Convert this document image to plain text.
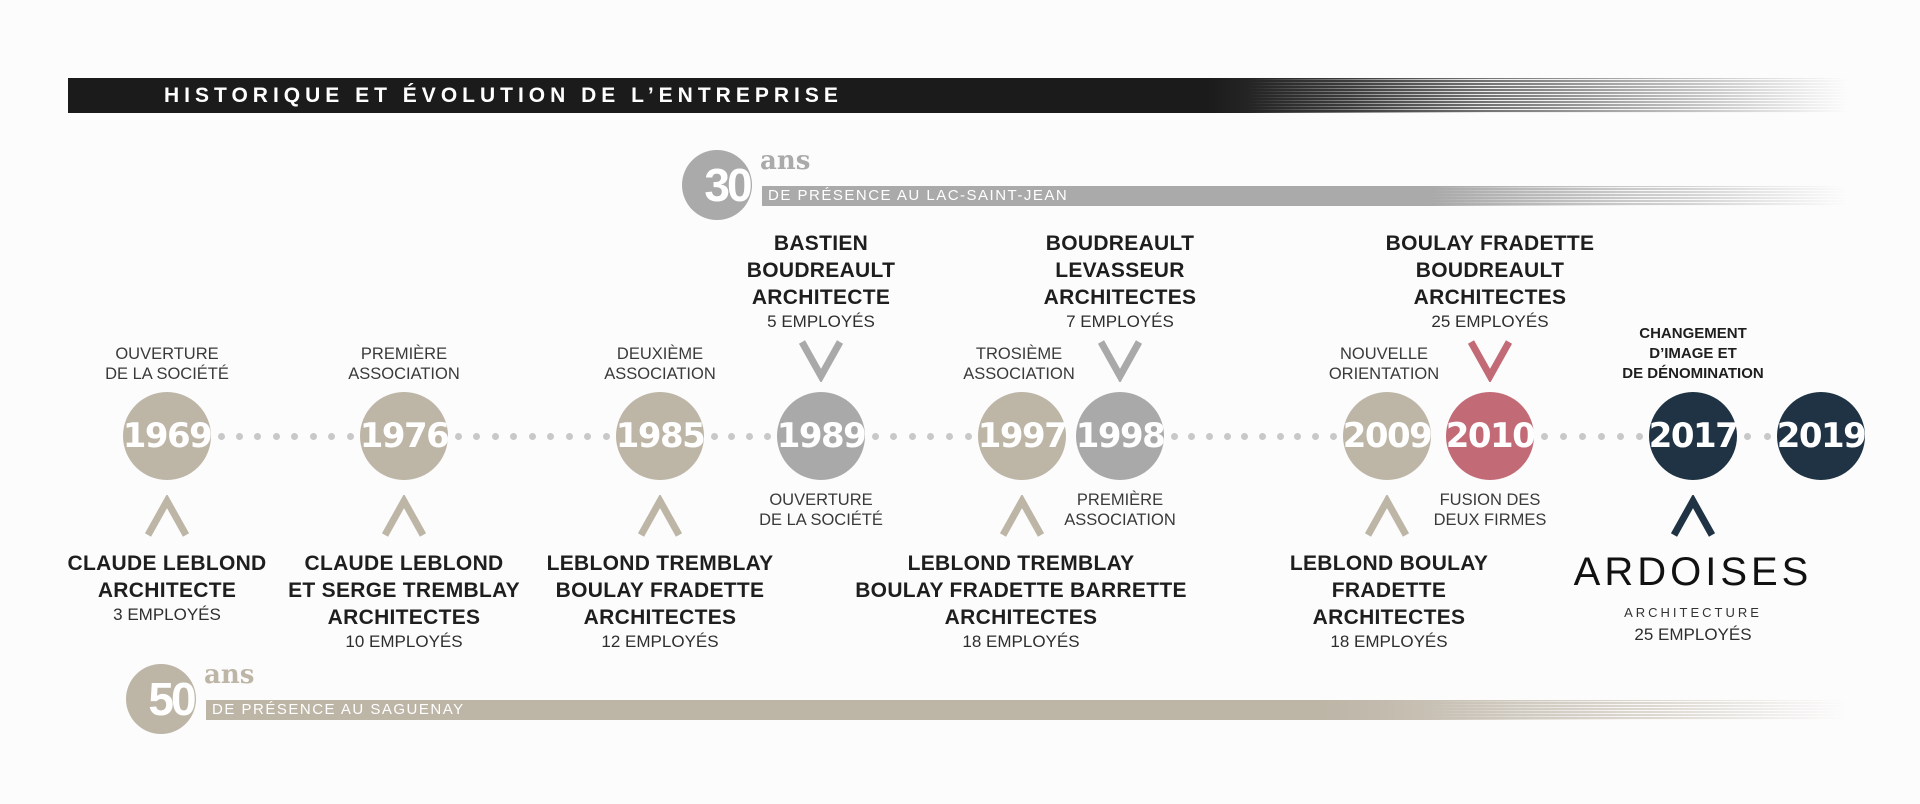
HISTORIQUE ET ÉVOLUTION DE L’ENTREPRISE
30 ans
DE PRÉSENCE AU LAC-SAINT-JEAN
50 ans
DE PRÉSENCE AU SAGUENAY
1969	1976	1985 1989	1997 1998	2009 2010	2017 2019
OUVERTURE
DE LA SOCIÉTÉ
PREMIÈRE
ASSOCIATION
DEUXIÈME
ASSOCIATION
TROSIÈME
ASSOCIATION
NOUVELLE
ORIENTATION
CHANGEMENT
D’IMAGE ET
DE DÉNOMINATION
BASTIEN
BOUDREAULT
ARCHITECTE
5 EMPLOYÉS
BOUDREAULT
LEVASSEUR
ARCHITECTES
7 EMPLOYÉS
BOULAY FRADETTE
BOUDREAULT
ARCHITECTES
25 EMPLOYÉS
OUVERTURE
DE LA SOCIÉTÉ
PREMIÈRE
ASSOCIATION
FUSION DES
DEUX FIRMES
CLAUDE LEBLOND
ARCHITECTE
3 EMPLOYÉS
CLAUDE LEBLOND
ET SERGE TREMBLAY
ARCHITECTES
10 EMPLOYÉS
LEBLOND TREMBLAY
BOULAY FRADETTE
ARCHITECTES
12 EMPLOYÉS
LEBLOND TREMBLAY
BOULAY FRADETTE BARRETTE
ARCHITECTES
18 EMPLOYÉS
LEBLOND BOULAY
FRADETTE
ARCHITECTES
18 EMPLOYÉS
ARDOISES
ARCHITECTURE
25 EMPLOYÉS
